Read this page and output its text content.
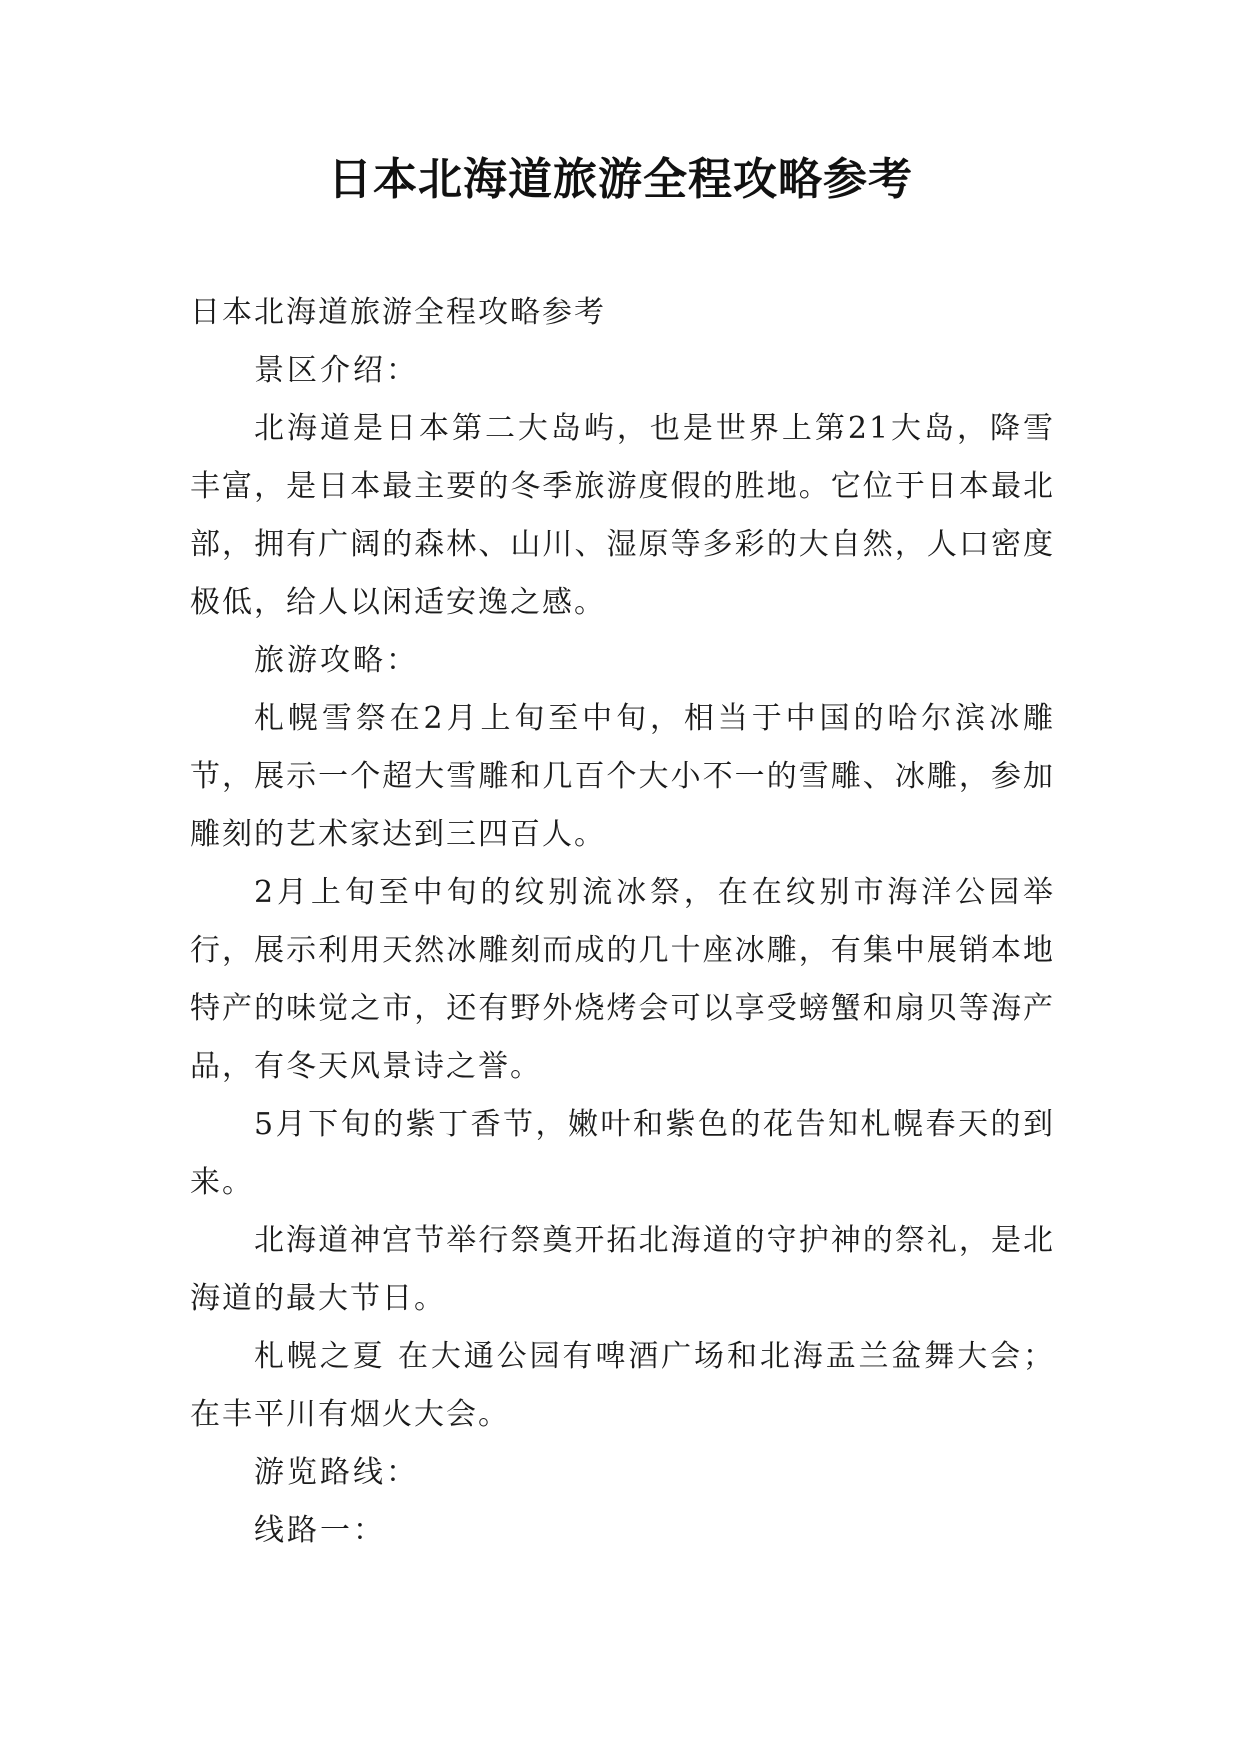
日本北海道旅游全程攻略参考

日本北海道旅游全程攻略参考

景区介绍：

北海道是日本第二大岛屿，也是世界上第21大岛，降雪丰富，是日本最主要的冬季旅游度假的胜地。它位于日本最北部，拥有广阔的森林、山川、湿原等多彩的大自然，人口密度极低，给人以闲适安逸之感。

旅游攻略：

札幌雪祭在2月上旬至中旬，相当于中国的哈尔滨冰雕节，展示一个超大雪雕和几百个大小不一的雪雕、冰雕，参加雕刻的艺术家达到三四百人。

2月上旬至中旬的纹别流冰祭，在在纹别市海洋公园举行，展示利用天然冰雕刻而成的几十座冰雕，有集中展销本地特产的味觉之市，还有野外烧烤会可以享受螃蟹和扇贝等海产品，有冬天风景诗之誉。

5月下旬的紫丁香节，嫩叶和紫色的花告知札幌春天的到来。

北海道神宫节举行祭奠开拓北海道的守护神的祭礼，是北海道的最大节日。

札幌之夏 在大通公园有啤酒广场和北海盂兰盆舞大会；在丰平川有烟火大会。

游览路线：

线路一：
